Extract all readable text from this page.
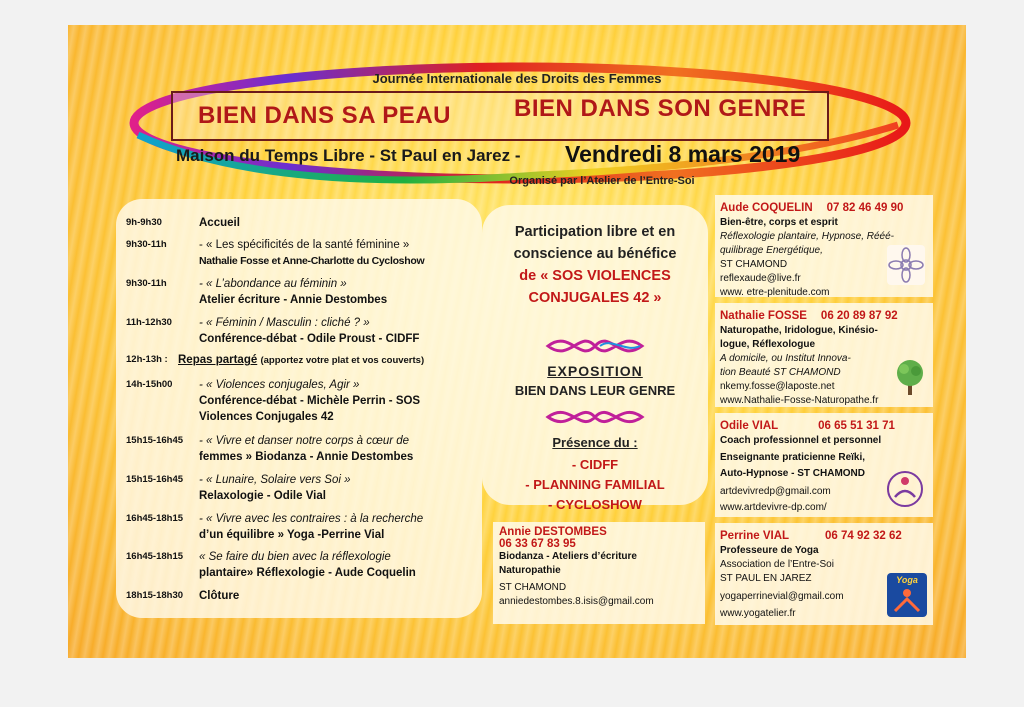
Journée Internationale des Droits des Femmes
BIEN DANS SA PEAU	BIEN DANS SON GENRE
Maison du Temps Libre - St Paul en Jarez - Vendredi 8 mars 2019
Organisé par l’Atelier de l’Entre-Soi
9h-9h30	Accueil
9h30-11h	- « Les spécificités de la santé féminine »
Nathalie Fosse et Anne-Charlotte du Cycloshow
9h30-11h	- « L’abondance au féminin »
Atelier écriture - Annie Destombes
11h-12h30 - « Féminin / Masculin : cliché ? »
Conférence-débat - Odile Proust - CIDFF
12h-13h : Repas partagé (apportez votre plat et vos couverts)
14h-15h00 - « Violences conjugales, Agir »
Conférence-débat - Michèle Perrin - SOS
Violences Conjugales 42
15h15-16h45 - « Vivre et danser notre corps à cœur de
femmes » Biodanza - Annie Destombes
15h15-16h45 - « Lunaire, Solaire vers Soi »
Relaxologie - Odile Vial
16h45-18h15 - « Vivre avec les contraires : à la recherche
d’un équilibre » Yoga -Perrine Vial
16h45-18h15 « Se faire du bien avec la réflexologie
plantaire» Réflexologie - Aude Coquelin
18h15-18h30 Clôture
Participation libre et en
conscience au bénéfice
de « SOS VIOLENCES
CONJUGALES 42 »
EXPOSITION
BIEN DANS LEUR GENRE
Présence du :
- CIDFF
- PLANNING FAMILIAL
- CYCLOSHOW
Annie DESTOMBES
06 33 67 83 95
Biodanza - Ateliers d’écriture
Naturopathie
ST CHAMOND
anniedestombes.8.isis@gmail.com
Aude COQUELIN 07 82 46 49 90
Bien-être, corps et esprit
Réflexologie plantaire, Hypnose, Rééé-
quilibrage Energétique,
ST CHAMOND
reflexaude@live.fr
www. etre-plenitude.com
Nathalie FOSSE 06 20 89 87 92
Naturopathe, Iridologue, Kinésio-
logue, Réflexologue
A domicile, ou Institut Innova-
tion Beauté ST CHAMOND
nkemy.fosse@laposte.net
www.Nathalie-Fosse-Naturopathe.fr
Odile VIAL	06 65 51 31 71
Coach professionnel et personnel
Enseignante praticienne Reïki,
Auto-Hypnose - ST CHAMOND
artdevivredp@gmail.com
www.artdevivre-dp.com/
Perrine VIAL	06 74 92 32 62
Professeure de Yoga
Association de l’Entre-Soi
ST PAUL EN JAREZ
yogaperrinevial@gmail.com
www.yogatelier.fr
Yoga
